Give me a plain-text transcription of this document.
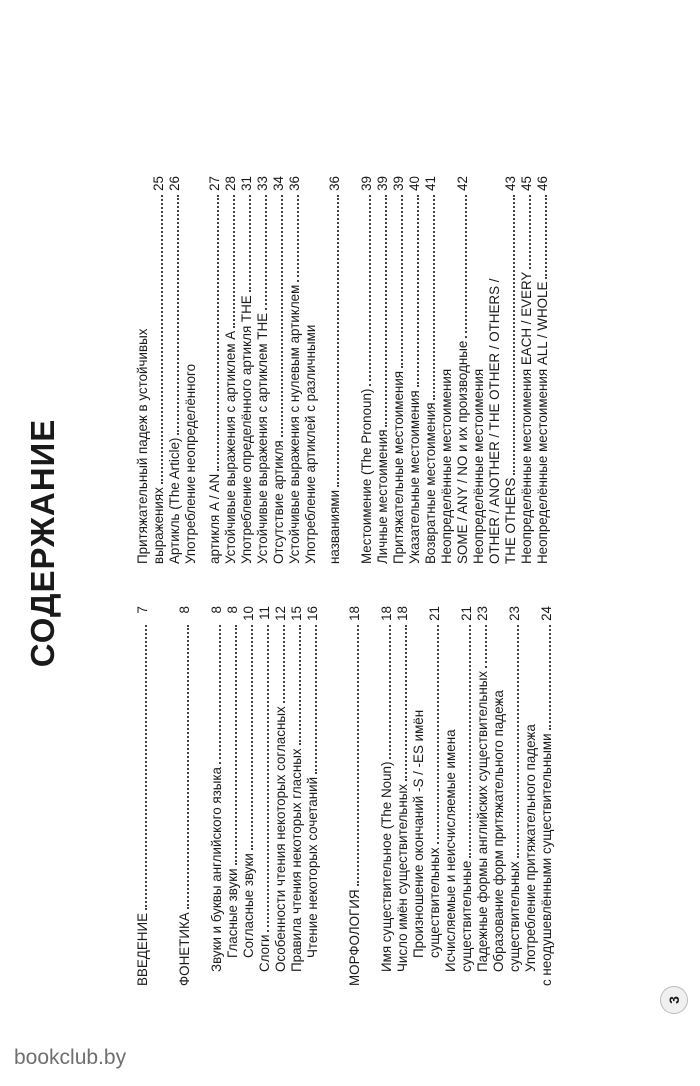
СОДЕРЖАНИЕ
ВВЕДЕНИЕ
7
ФОНЕТИКА
8
Звуки и буквы английского языка
8
Гласные звуки
8
Согласные звуки
10
Слоги
11
Особенности чтения некоторых согласных
12
Правила чтения некоторых гласных
15
Чтение некоторых сочетаний
16
МОРФОЛОГИЯ
18
Имя существительное (The Noun)
18
Число имён существительных
18
Произношение окончаний -S / -ES имён существительных
21
Исчисляемые и неисчисляемые имена существительные
21
Падежные формы английских существительных
23
Образование форм притяжательного падежа существительных
23
Употребление притяжательного падежа с неодушевлёнными существительными
24
Притяжательный падеж в устойчивых выражениях
25
Артикль (The Article)
26
Употребление неопределённого артикля A / AN
27
Устойчивые выражения с артиклем A
28
Употребление определённого артикля THE
31
Устойчивые выражения с артиклем THE
33
Отсутствие артикля
34
Устойчивые выражения с нулевым артиклем
36
Употребление артиклей с различными названиями
36
Местоимение (The Pronoun)
39
Личные местоимения
39
Притяжательные местоимения
39
Указательные местоимения
40
Возвратные местоимения
41
Неопределённые местоимения SOME / ANY / NO и их производные
42
Неопределённые местоимения OTHER / ANOTHER / THE OTHER / OTHERS / THE OTHERS
43
Неопределённые местоимения EACH / EVERY
45
Неопределённые местоимения ALL / WHOLE
46
3
bookclub.by
